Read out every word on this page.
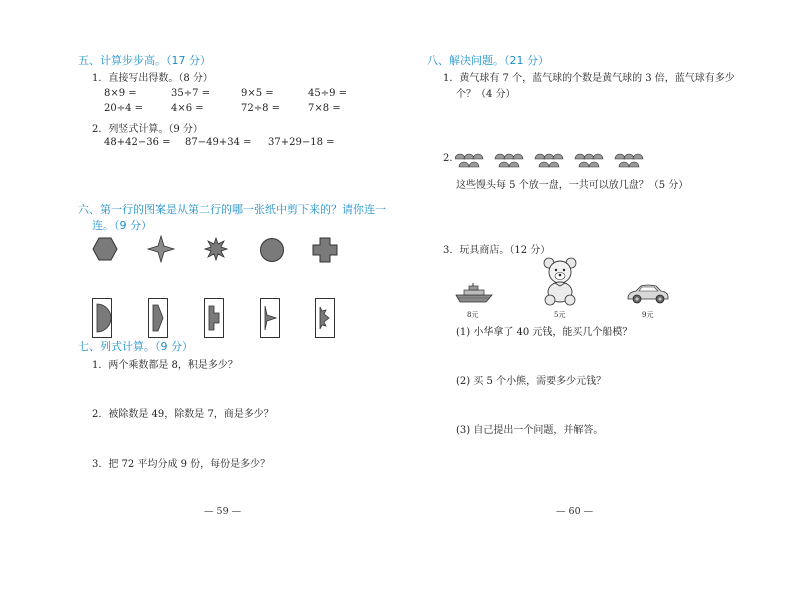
五、计算步步高。（17 分）
1．直接写出得数。（8 分）
8×9 =	35÷7 =	9×5 =	45÷9 =
20÷4 =	4×6 =	72÷8 =	7×8 =
2．列竖式计算。（9 分）
48+42−36 = 87−49+34 = 37+29−18 =
六、第一行的图案是从第二行的哪一张纸中剪下来的？请你连一
连。（9 分）
七、列式计算。（9 分）
1．两个乘数都是 8，积是多少？
2．被除数是 49，除数是 7，商是多少？
3．把 72 平均分成 9 份，每份是多少？
— 59 —
八、解决问题。（21 分）
1．黄气球有 7 个，蓝气球的个数是黄气球的 3 倍，蓝气球有多少
个？（4 分）
2.
这些馒头每 5 个放一盘，一共可以放几盘？（5 分）
3．玩具商店。（12 分）
8元	5元	9元
(1) 小华拿了 40 元钱，能买几个船模？
(2) 买 5 个小熊，需要多少元钱？
(3) 自己提出一个问题，并解答。
— 60 —
